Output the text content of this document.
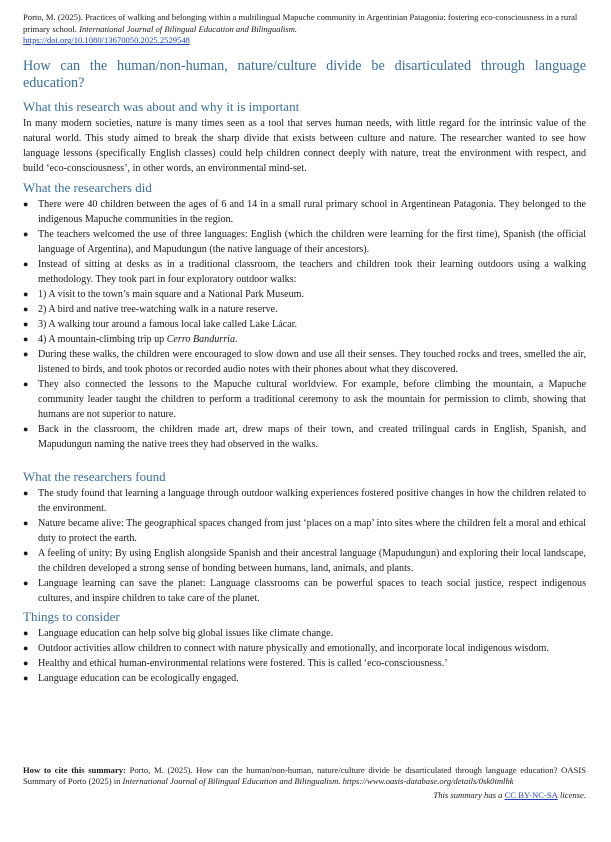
Porto, M. (2025). Practices of walking and belonging within a multilingual Mapuche community in Argentinian Patagonia: fostering eco-consciousness in a rural primary school. International Journal of Bilingual Education and Bilingualism.
https://doi.org/10.1080/13670050.2025.2529548

How can the human/non-human, nature/culture divide be disarticulated through language education?
What this research was about and why it is important

In many modern societies, nature is many times seen as a tool that serves human needs, with little regard for the intrinsic value of the natural world. This study aimed to break the sharp divide that exists between culture and nature. The researcher wanted to see how language lessons (specifically English classes) could help children connect deeply with nature, treat the environment with respect, and build ‘eco-consciousness’, in other words, an environmental mind-set.

What the researchers did
● There were 40 children between the ages of 6 and 14 in a small rural primary school in Argentinean Patagonia. They belonged to the indigenous Mapuche communities in the region.
● The teachers welcomed the use of three languages: English (which the children were learning for the first time), Spanish (the official language of Argentina), and Mapudungun (the native language of their ancestors).
● Instead of sitting at desks as in a traditional classroom, the teachers and children took their learning outdoors using a walking methodology. They took part in four exploratory outdoor walks:
● 1) A visit to the town’s main square and a National Park Museum.
● 2) A bird and native tree-watching walk in a nature reserve.
● 3) A walking tour around a famous local lake called Lake Lácar.
● 4) A mountain-climbing trip up Cerro Bandurria.
● During these walks, the children were encouraged to slow down and use all their senses. They touched rocks and trees, smelled the air, listened to birds, and took photos or recorded audio notes with their phones about what they discovered.
● They also connected the lessons to the Mapuche cultural worldview. For example, before climbing the mountain, a Mapuche community leader taught the children to perform a traditional ceremony to ask the mountain for permission to climb, showing that humans are not superior to nature.
● Back in the classroom, the children made art, drew maps of their town, and created trilingual cards in English, Spanish, and Mapudungun naming the native trees they had observed in the walks.
What the researchers found
● The study found that learning a language through outdoor walking experiences fostered positive changes in how the children related to the environment.
● Nature became alive: The geographical spaces changed from just ‘places on a map’ into sites where the children felt a moral and ethical duty to protect the earth.
● A feeling of unity: By using English alongside Spanish and their ancestral language (Mapudungun) and exploring their local landscape, the children developed a strong sense of bonding between humans, land, animals, and plants.
● Language learning can save the planet: Language classrooms can be powerful spaces to teach social justice, respect indigenous cultures, and inspire children to take care of the planet.
Things to consider
● Language education can help solve big global issues like climate change.
● Outdoor activities allow children to connect with nature physically and emotionally, and incorporate local indigenous wisdom.
● Healthy and ethical human-environmental relations were fostered. This is called ‘eco-consciousness.’
● Language education can be ecologically engaged.

How to cite this summary: Porto, M. (2025). How can the human/non-human, nature/culture divide be disarticulated through language education? OASIS Summary of Porto (2025) in International Journal of Bilingual Education and Bilingualism. https://www.oasis-database.org/details/0sk0imlhk

This summary has a CC BY-NC-SA license.
